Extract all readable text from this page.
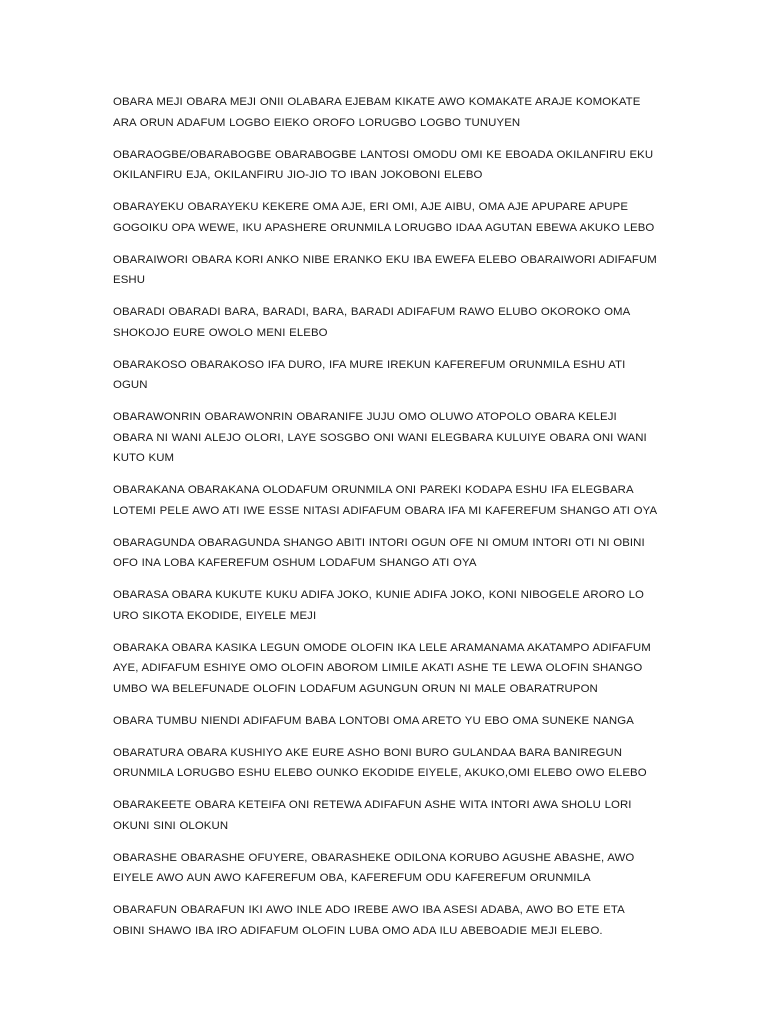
OBARA MEJI OBARA MEJI ONII OLABARA EJEBAM KIKATE AWO KOMAKATE ARAJE KOMOKATE ARA ORUN ADAFUM LOGBO EIEKO OROFO LORUGBO LOGBO TUNUYEN

OBARAOGBE/OBARABOGBE OBARABOGBE LANTOSI OMODU OMI KE EBOADA OKILANFIRU EKU OKILANFIRU EJA, OKILANFIRU JIO-JIO TO IBAN JOKOBONI ELEBO

OBARAYEKU OBARAYEKU KEKERE OMA AJE, ERI OMI, AJE AIBU, OMA AJE APUPARE APUPE GOGOIKU OPA WEWE, IKU APASHERE ORUNMILA LORUGBO IDAA AGUTAN EBEWA AKUKO LEBO

OBARAIWORI OBARA KORI ANKO NIBE ERANKO EKU IBA EWEFA ELEBO OBARAIWORI ADIFAFUM ESHU

OBARADI OBARADI BARA, BARADI, BARA, BARADI ADIFAFUM RAWO ELUBO OKOROKO OMA SHOKOJO EURE OWOLO MENI ELEBO

OBARAKOSO OBARAKOSO IFA DURO, IFA MURE IREKUN KAFEREFUM ORUNMILA ESHU ATI OGUN

OBARAWONRIN OBARAWONRIN OBARANIFE JUJU OMO OLUWO ATOPOLO OBARA KELEJI OBARA NI WANI ALEJO OLORI, LAYE SOSGBO ONI WANI ELEGBARA KULUIYE OBARA ONI WANI KUTO KUM

OBARAKANA OBARAKANA OLODAFUM ORUNMILA ONI PAREKI KODAPA ESHU IFA ELEGBARA LOTEMI PELE AWO ATI IWE ESSE NITASI ADIFAFUM OBARA IFA MI KAFEREFUM SHANGO ATI OYA

OBARAGUNDA OBARAGUNDA SHANGO ABITI INTORI OGUN OFE NI OMUM INTORI OTI NI OBINI OFO INA LOBA KAFEREFUM OSHUM LODAFUM SHANGO ATI OYA

OBARASA OBARA KUKUTE KUKU ADIFA JOKO, KUNIE ADIFA JOKO, KONI NIBOGELE ARORO LO URO SIKOTA EKODIDE, EIYELE MEJI

OBARAKA OBARA KASIKA LEGUN OMODE OLOFIN IKA LELE ARAMANAMA AKATAMPO ADIFAFUM AYE, ADIFAFUM ESHIYE OMO OLOFIN ABOROM LIMILE AKATI ASHE TE LEWA OLOFIN SHANGO UMBO WA BELEFUNADE OLOFIN LODAFUM AGUNGUN ORUN NI MALE OBARATRUPON

OBARA TUMBU NIENDI ADIFAFUM BABA LONTOBI OMA ARETO YU EBO OMA SUNEKE NANGA

OBARATURA OBARA KUSHIYO AKE EURE ASHO BONI BURO GULANDAA BARA BANIREGUN ORUNMILA LORUGBO ESHU ELEBO OUNKO EKODIDE EIYELE, AKUKO,OMI ELEBO OWO ELEBO

OBARAKEETE OBARA KETEIFA ONI RETEWA ADIFAFUN ASHE WITA INTORI AWA SHOLU LORI OKUNI SINI OLOKUN

OBARASHE OBARASHE OFUYERE, OBARASHEKE ODILONA KORUBO AGUSHE ABASHE, AWO EIYELE AWO AUN AWO KAFEREFUM OBA, KAFEREFUM ODU KAFEREFUM ORUNMILA

OBARAFUN OBARAFUN IKI AWO INLE ADO IREBE AWO IBA ASESI ADABA, AWO BO ETE ETA OBINI SHAWO IBA IRO ADIFAFUM OLOFIN LUBA OMO ADA ILU ABEBOADIE MEJI ELEBO.
